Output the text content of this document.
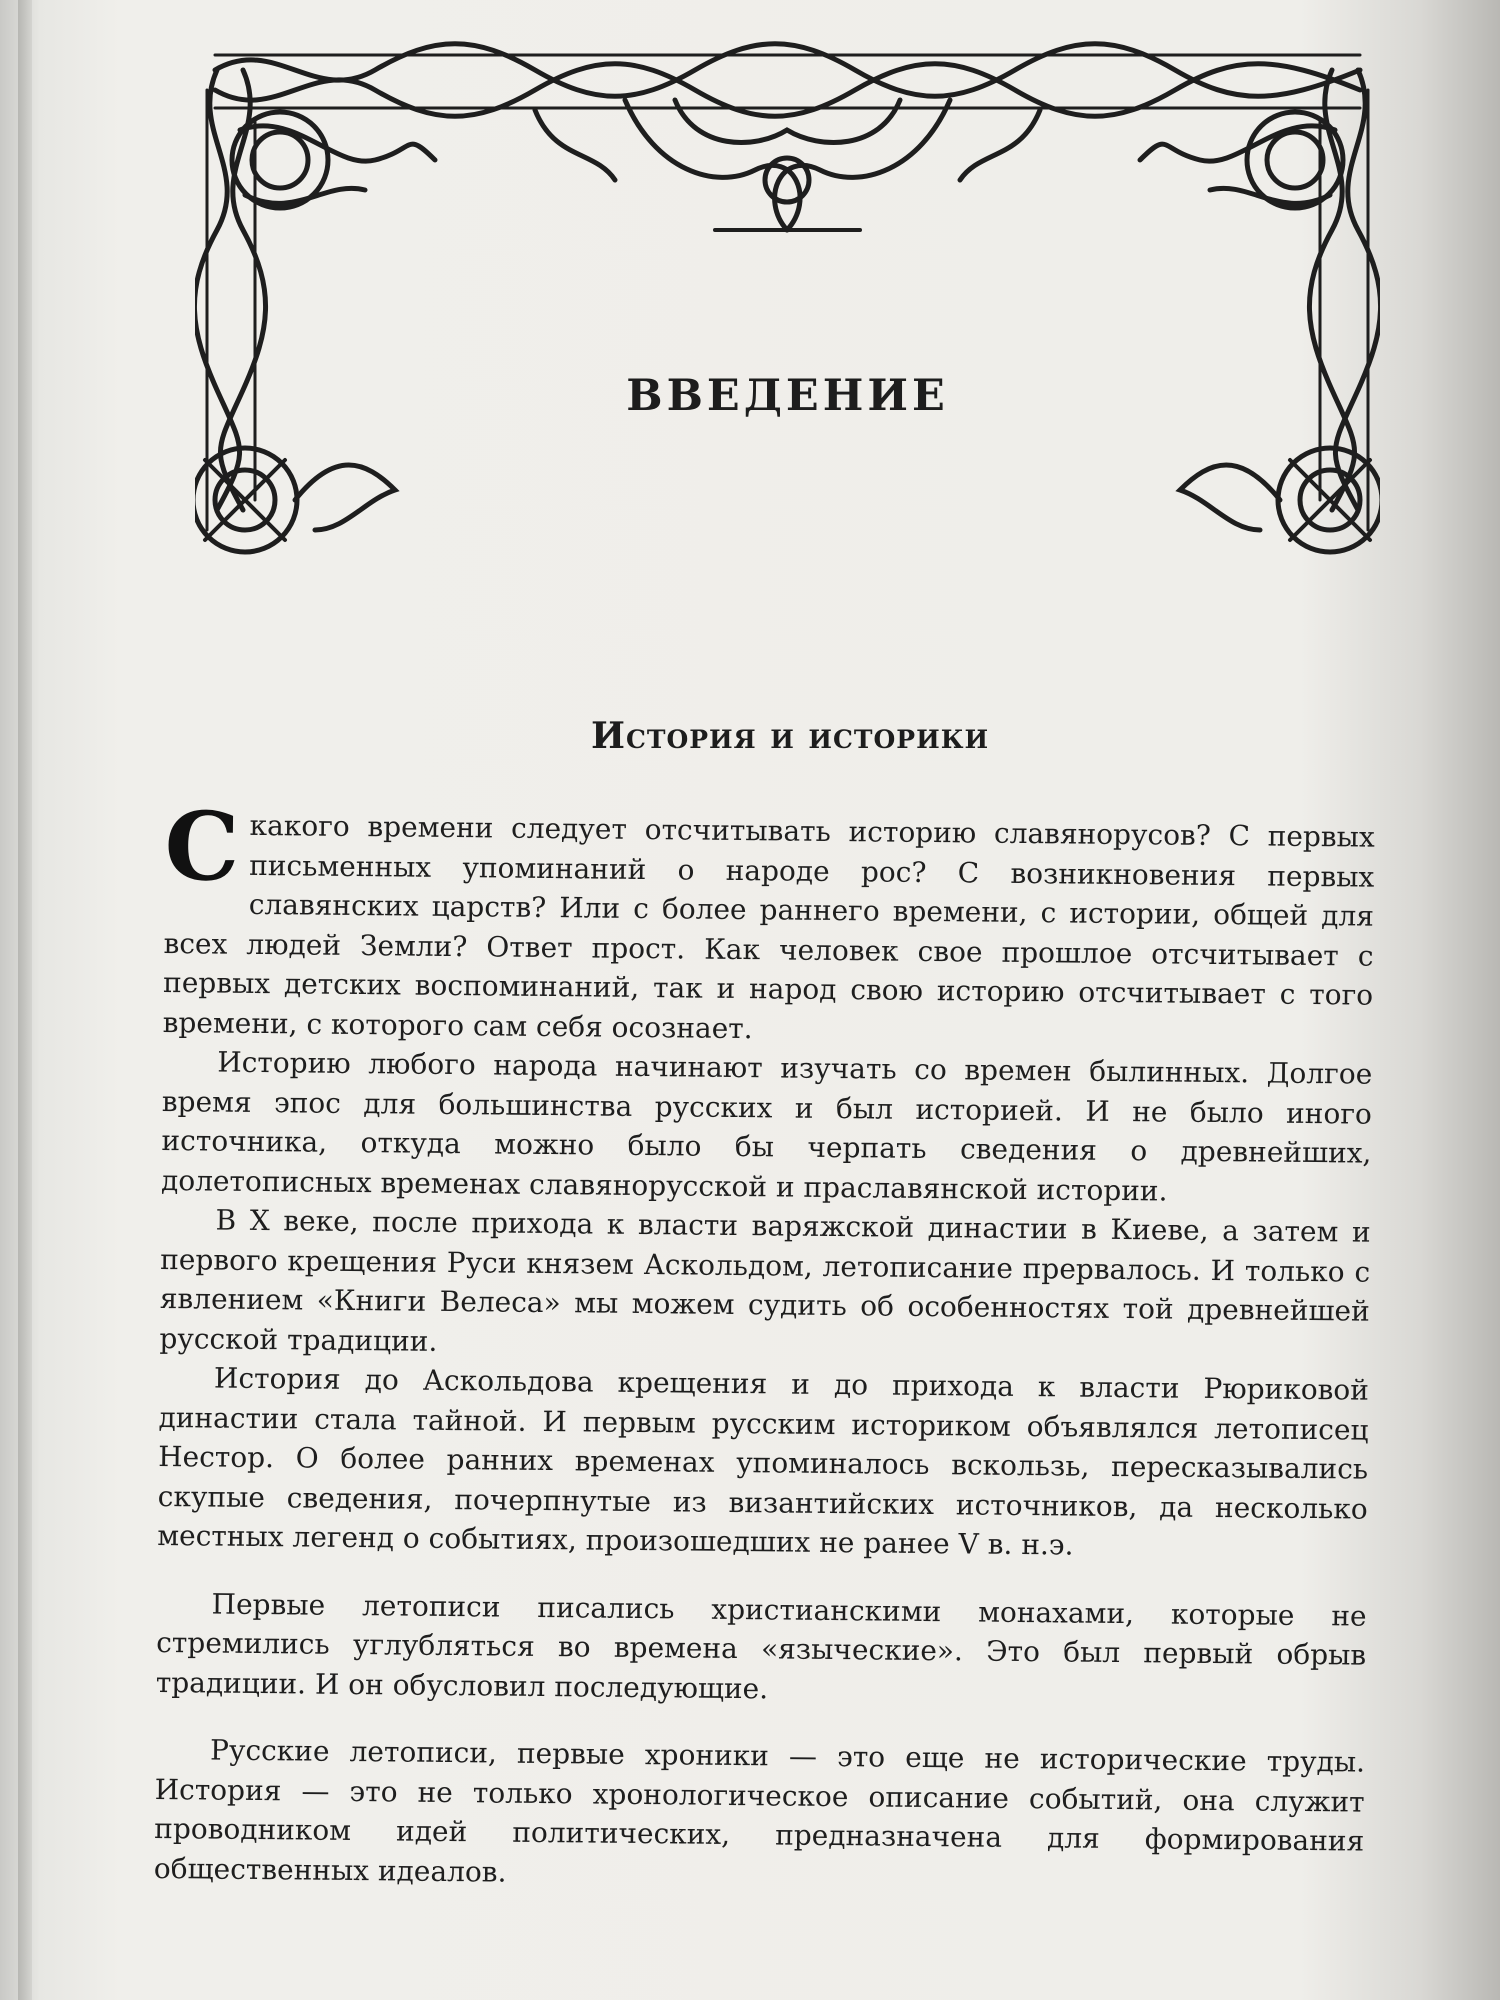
введение
История и историки

Скакого времени следует отсчитывать историю славянорусов? С первых письменных упоминаний о народе рос? С возникновения первых славянских царств? Или с более раннего времени, с истории, общей для всех людей Земли? Ответ прост. Как человек свое прошлое отсчитывает с первых детских воспоминаний, так и народ свою историю отсчитывает с того времени, с которого сам себя осознает.

Историю любого народа начинают изучать со времен былинных. Долгое время эпос для большинства русских и был историей. И не было иного источника, откуда можно было бы черпать сведения о древнейших, долетописных временах славянорусской и праславянской истории.

В X веке, после прихода к власти варяжской династии в Киеве, а затем и первого крещения Руси князем Аскольдом, летописание прервалось. И только с явлением «Книги Велеса» мы можем судить об особенностях той древнейшей русской традиции.

История до Аскольдова крещения и до прихода к власти Рюриковой династии стала тайной. И первым русским историком объявлялся летописец Нестор. О более ранних временах упоминалось вскользь, пересказывались скупые сведения, почерпнутые из византийских источников, да несколько местных легенд о событиях, произошедших не ранее V в. н.э.

Первые летописи писались христианскими монахами, которые не стремились углубляться во времена «языческие». Это был первый обрыв традиции. И он обусловил последующие.

Русские летописи, первые хроники — это еще не исторические труды. История — это не только хронологическое описание событий, она служит проводником идей политических, предназначена для формирования общественных идеалов.
